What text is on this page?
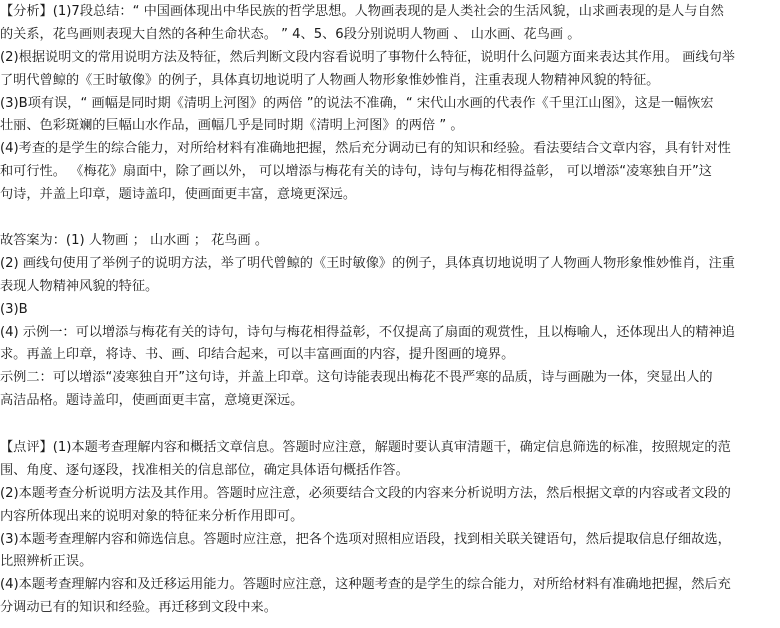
【分析】(1)7段总结：“ 中国画体现出中华民族的哲学思想。人物画表现的是人类社会的生活风貌，山求画表现的是人与自然
的关系，花鸟画则表现大自然的各种生命状态。 ” 4、5、6段分别说明人物画 、 山水画、花鸟画 。
(2)根据说明文的常用说明方法及特征，然后判断文段内容看说明了事物什么特征，说明什么问题方面来表达其作用。 画线句举
了明代曾鲸的《王时敏像》的例子，具体真切地说明了人物画人物形象惟妙惟肖，注重表现人物精神风貌的特征。
(3)B项有误，“ 画幅是同时期《清明上河图》的两倍 ”的说法不准确，“ 宋代山水画的代表作《千里江山图》，这是一幅恢宏
壮丽、色彩斑斓的巨幅山水作品，画幅几乎是同时期《清明上河图》的两倍 ” 。
(4)考查的是学生的综合能力，对所给材料有准确地把握，然后充分调动已有的知识和经验。看法要结合文章内容，具有针对性
和可行性。 《梅花》扇面中，除了画以外， 可以增添与梅花有关的诗句，诗句与梅花相得益彰， 可以增添“凌寒独自开”这
句诗，并盖上印章，题诗盖印，使画面更丰富，意境更深远。
故答案为：(1) 人物画 ； 山水画 ； 花鸟画 。
(2) 画线句使用了举例子的说明方法，举了明代曾鲸的《王时敏像》的例子，具体真切地说明了人物画人物形象惟妙惟肖，注重
表现人物精神风貌的特征。
(3)B
(4) 示例一：可以增添与梅花有关的诗句，诗句与梅花相得益彰，不仅提高了扇面的观赏性，且以梅喻人，还体现出人的精神追
求。再盖上印章，将诗、书、画、印结合起来，可以丰富画面的内容，提升图画的境界。
示例二：可以增添“凌寒独自开”这句诗，并盖上印章。这句诗能表现出梅花不畏严寒的品质，诗与画融为一体，突显出人的
高洁品格。题诗盖印，使画面更丰富，意境更深远。
【点评】(1)本题考查理解内容和概括文章信息。答题时应注意，解题时要认真审清题干，确定信息筛选的标准，按照规定的范
围、角度、逐句逐段，找准相关的信息部位，确定具体语句概括作答。
(2)本题考查分析说明方法及其作用。答题时应注意，必须要结合文段的内容来分析说明方法，然后根据文章的内容或者文段的
内容所体现出来的说明对象的特征来分析作用即可。
(3)本题考查理解内容和筛选信息。答题时应注意，把各个选项对照相应语段，找到相关联关键语句，然后提取信息仔细故选，
比照辨析正误。
(4)本题考查理解内容和及迁移运用能力。答题时应注意，这种题考查的是学生的综合能力，对所给材料有准确地把握，然后充
分调动已有的知识和经验。再迁移到文段中来。
